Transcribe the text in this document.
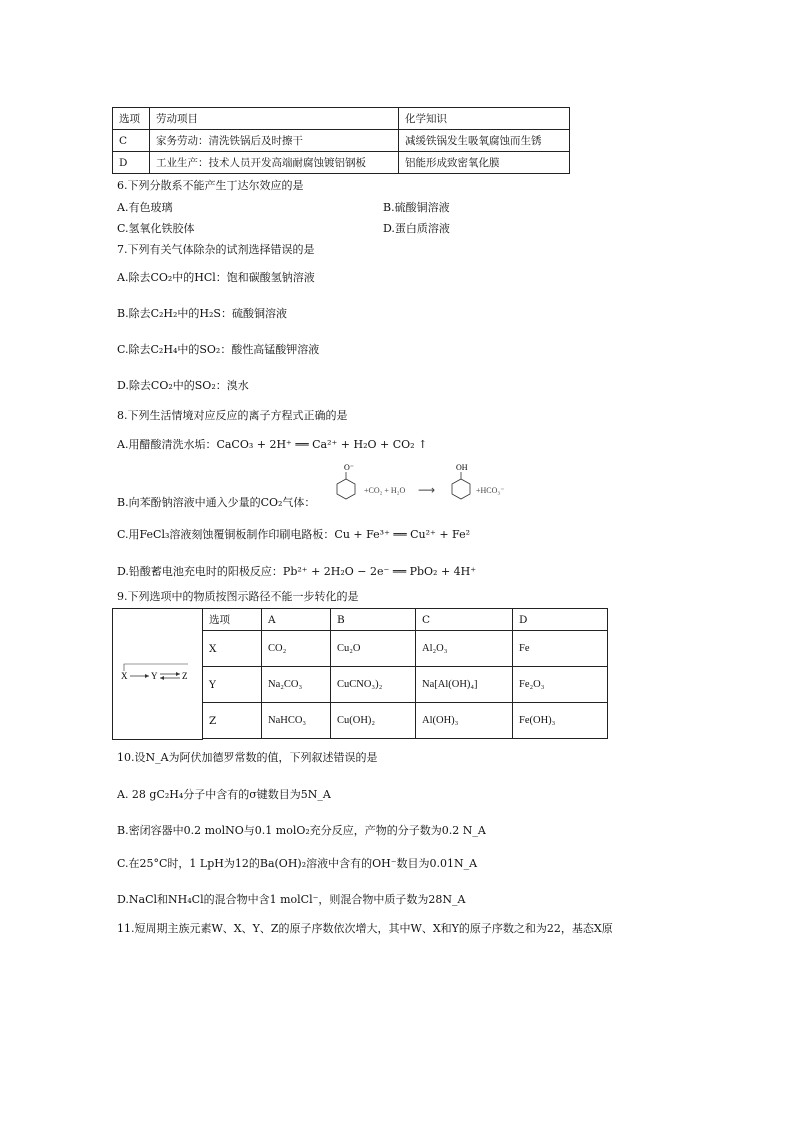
选项	劳动项目	化学知识
C	家务劳动：清洗铁锅后及时擦干	减缓铁锅发生吸氧腐蚀而生锈
D	工业生产：技术人员开发高端耐腐蚀镀铝钢板	铝能形成致密氧化膜
6.下列分散系不能产生丁达尔效应的是
A.有色玻璃	B.硫酸铜溶液
C.氢氧化铁胶体	D.蛋白质溶液
7.下列有关气体除杂的试剂选择错误的是
A.除去CO₂中的HCl：饱和碳酸氢钠溶液
B.除去C₂H₂中的H₂S：硫酸铜溶液
C.除去C₂H₄中的SO₂：酸性高锰酸钾溶液
D.除去CO₂中的SO₂：溴水
8.下列生活情境对应反应的离子方程式正确的是
A.用醋酸清洗水垢：CaCO₃ + 2H⁺ ══ Ca²⁺ + H₂O + CO₂ ↑
O⁻
+CO₂ + H₂O ⟶
OH
+HCO₃⁻
B.向苯酚钠溶液中通入少量的CO₂气体：
C.用FeCl₃溶液刻蚀覆铜板制作印刷电路板：Cu + Fe³⁺ ══ Cu²⁺ + Fe²
D.铅酸蓄电池充电时的阳极反应：Pb²⁺ + 2H₂O − 2e⁻ ══ PbO₂ + 4H⁺
9.下列选项中的物质按图示路径不能一步转化的是
X	Y	Z
选项	A	B	C	D
X	CO₂	Cu₂O	Al₂O₃	Fe
Y	Na₂CO₃	CuCNO₃)₂	Na[Al(OH)₄]	Fe₂O₃
Z	NaHCO₃	Cu(OH)₂	Al(OH)₃	Fe(OH)₃
10.设N_A为阿伏加德罗常数的值，下列叙述错误的是
A. 28 gC₂H₄分子中含有的σ键数目为5N_A
B.密闭容器中0.2 molNO与0.1 molO₂充分反应，产物的分子数为0.2 N_A
C.在25°C时，1 LpH为12的Ba(OH)₂溶液中含有的OH⁻数目为0.01N_A
D.NaCl和NH₄Cl的混合物中含1 molCl⁻，则混合物中质子数为28N_A
11.短周期主族元素W、X、Y、Z的原子序数依次增大，其中W、X和Y的原子序数之和为22，基态X原
